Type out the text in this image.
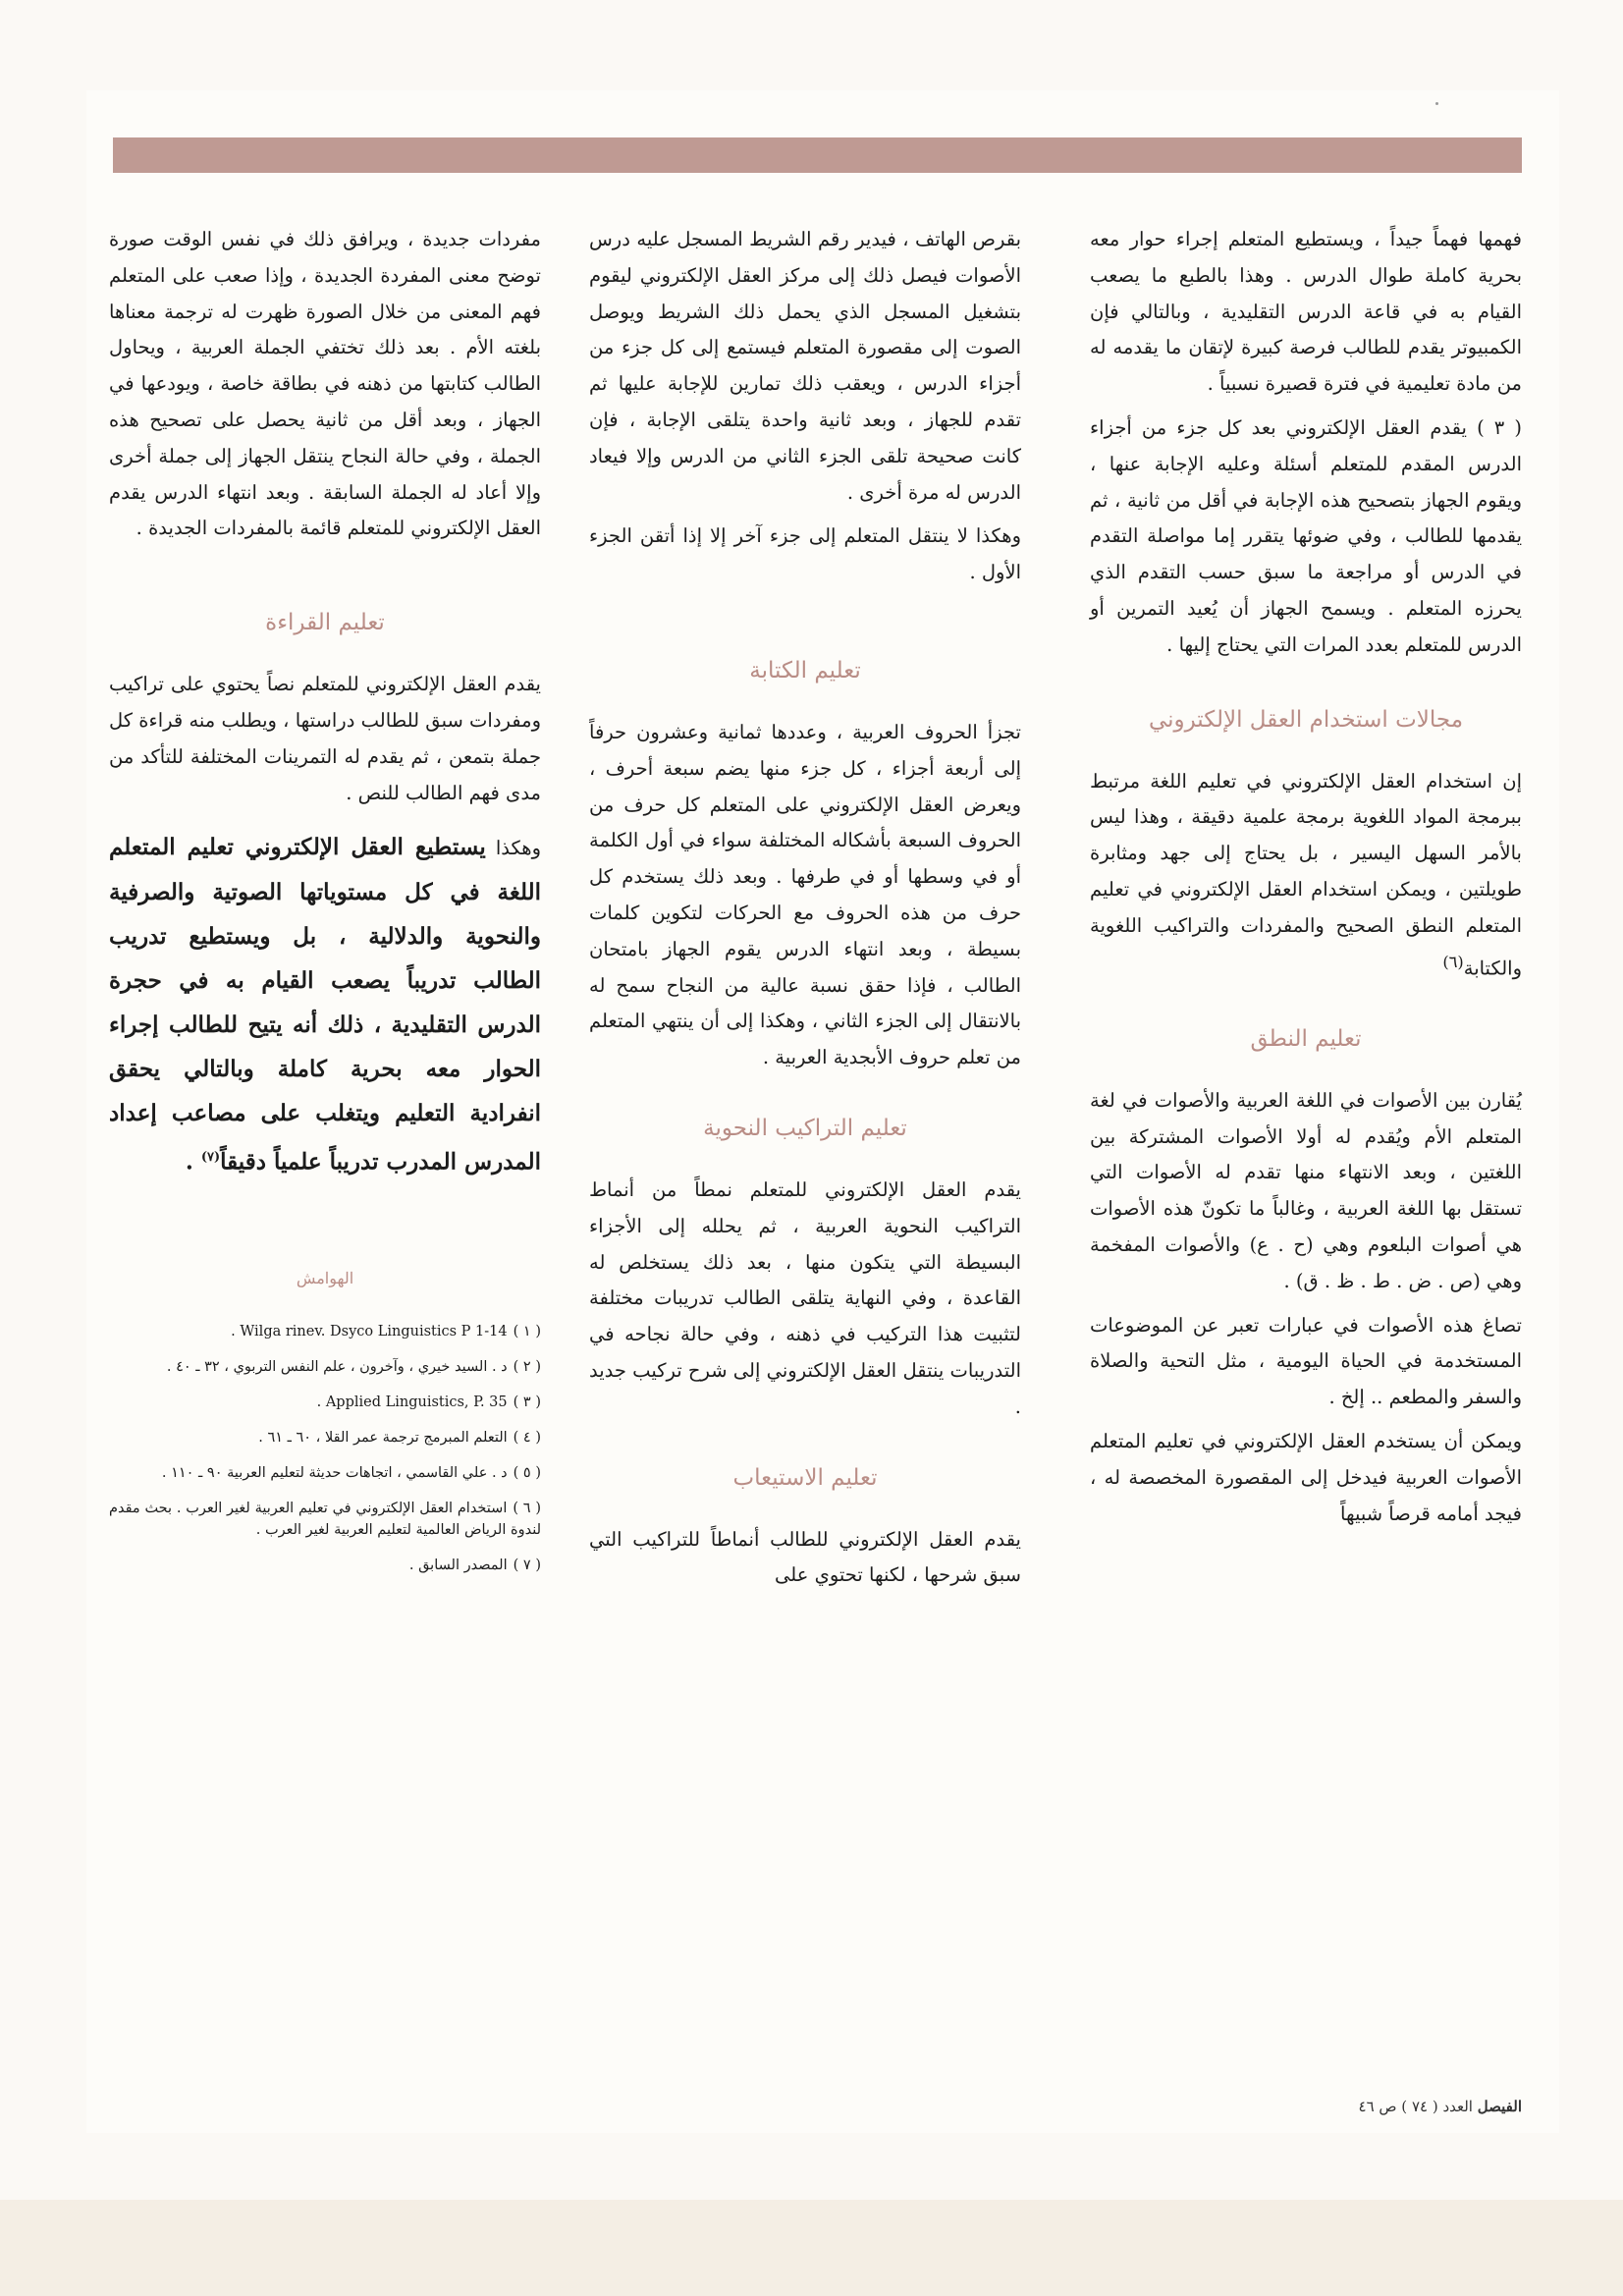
فهمها فهماً جيداً ، ويستطيع المتعلم إجراء حوار معه بحرية كاملة طوال الدرس . وهذا بالطبع ما يصعب القيام به في قاعة الدرس التقليدية ، وبالتالي فإن الكمبيوتر يقدم للطالب فرصة كبيرة لإتقان ما يقدمه له من مادة تعليمية في فترة قصيرة نسبياً .

( ٣ ) يقدم العقل الإلكتروني بعد كل جزء من أجزاء الدرس المقدم للمتعلم أسئلة وعليه الإجابة عنها ، ويقوم الجهاز بتصحيح هذه الإجابة في أقل من ثانية ، ثم يقدمها للطالب ، وفي ضوئها يتقرر إما مواصلة التقدم في الدرس أو مراجعة ما سبق حسب التقدم الذي يحرزه المتعلم . ويسمح الجهاز أن يُعيد التمرين أو الدرس للمتعلم بعدد المرات التي يحتاج إليها .

مجالات استخدام العقل الإلكتروني

إن استخدام العقل الإلكتروني في تعليم اللغة مرتبط ببرمجة المواد اللغوية برمجة علمية دقيقة ، وهذا ليس بالأمر السهل اليسير ، بل يحتاج إلى جهد ومثابرة طويلتين ، ويمكن استخدام العقل الإلكتروني في تعليم المتعلم النطق الصحيح والمفردات والتراكيب اللغوية والكتابة$^{(٦)}$

تعليم النطق

يُقارن بين الأصوات في اللغة العربية والأصوات في لغة المتعلم الأم ويُقدم له أولا الأصوات المشتركة بين اللغتين ، وبعد الانتهاء منها تقدم له الأصوات التي تستقل بها اللغة العربية ، وغالباً ما تكونّ هذه الأصوات هي أصوات البلعوم وهي (ح . ع) والأصوات المفخمة وهي (ص . ض . ط . ظ . ق) .

تصاغ هذه الأصوات في عبارات تعبر عن الموضوعات المستخدمة في الحياة اليومية ، مثل التحية والصلاة والسفر والمطعم .. إلخ .

ويمكن أن يستخدم العقل الإلكتروني في تعليم المتعلم الأصوات العربية فيدخل إلى المقصورة المخصصة له ، فيجد أمامه قرصاً شبيهاً

بقرص الهاتف ، فيدير رقم الشريط المسجل عليه درس الأصوات فيصل ذلك إلى مركز العقل الإلكتروني ليقوم بتشغيل المسجل الذي يحمل ذلك الشريط ويوصل الصوت إلى مقصورة المتعلم فيستمع إلى كل جزء من أجزاء الدرس ، ويعقب ذلك تمارين للإجابة عليها ثم تقدم للجهاز ، وبعد ثانية واحدة يتلقى الإجابة ، فإن كانت صحيحة تلقى الجزء الثاني من الدرس وإلا فيعاد الدرس له مرة أخرى .

وهكذا لا ينتقل المتعلم إلى جزء آخر إلا إذا أتقن الجزء الأول .

تعليم الكتابة

تجزأ الحروف العربية ، وعددها ثمانية وعشرون حرفاً إلى أربعة أجزاء ، كل جزء منها يضم سبعة أحرف ، ويعرض العقل الإلكتروني على المتعلم كل حرف من الحروف السبعة بأشكاله المختلفة سواء في أول الكلمة أو في وسطها أو في طرفها . وبعد ذلك يستخدم كل حرف من هذه الحروف مع الحركات لتكوين كلمات بسيطة ، وبعد انتهاء الدرس يقوم الجهاز بامتحان الطالب ، فإذا حقق نسبة عالية من النجاح سمح له بالانتقال إلى الجزء الثاني ، وهكذا إلى أن ينتهي المتعلم من تعلم حروف الأبجدية العربية .

تعليم التراكيب النحوية

يقدم العقل الإلكتروني للمتعلم نمطاً من أنماط التراكيب النحوية العربية ، ثم يحلله إلى الأجزاء البسيطة التي يتكون منها ، بعد ذلك يستخلص له القاعدة ، وفي النهاية يتلقى الطالب تدريبات مختلفة لتثبيت هذا التركيب في ذهنه ، وفي حالة نجاحه في التدريبات ينتقل العقل الإلكتروني إلى شرح تركيب جديد .

تعليم الاستيعاب

يقدم العقل الإلكتروني للطالب أنماطاً للتراكيب التي سبق شرحها ، لكنها تحتوي على

مفردات جديدة ، ويرافق ذلك في نفس الوقت صورة توضح معنى المفردة الجديدة ، وإذا صعب على المتعلم فهم المعنى من خلال الصورة ظهرت له ترجمة معناها بلغته الأم . بعد ذلك تختفي الجملة العربية ، ويحاول الطالب كتابتها من ذهنه في بطاقة خاصة ، ويودعها في الجهاز ، وبعد أقل من ثانية يحصل على تصحيح هذه الجملة ، وفي حالة النجاح ينتقل الجهاز إلى جملة أخرى وإلا أعاد له الجملة السابقة . وبعد انتهاء الدرس يقدم العقل الإلكتروني للمتعلم قائمة بالمفردات الجديدة .

تعليم القراءة

يقدم العقل الإلكتروني للمتعلم نصاً يحتوي على تراكيب ومفردات سبق للطالب دراستها ، ويطلب منه قراءة كل جملة بتمعن ، ثم يقدم له التمرينات المختلفة للتأكد من مدى فهم الطالب للنص .

وهكذا يستطيع العقل الإلكتروني تعليم المتعلم اللغة في كل مستوياتها الصوتية والصرفية والنحوية والدلالية ، بل ويستطيع تدريب الطالب تدريباً يصعب القيام به في حجرة الدرس التقليدية ، ذلك أنه يتيح للطالب إجراء الحوار معه بحرية كاملة وبالتالي يحقق انفرادية التعليم ويتغلب على مصاعب إعداد المدرس المدرب تدريباً علمياً دقيقاً$^{(٧)}$ .

الهوامش
( ١ )Wilga rinev. Dsyco Linguistics P 1-14 .
( ٢ )د . السيد خيري ، وآخرون ، علم النفس التربوي ، ٣٢ ـ ٤٠ .
( ٣ )Applied Linguistics, P. 35 .
( ٤ )التعلم المبرمج ترجمة عمر القلا ، ٦٠ ـ ٦١ .
( ٥ )د . علي القاسمي ، اتجاهات حديثة لتعليم العربية ٩٠ ـ ١١٠ .
( ٦ )استخدام العقل الإلكتروني في تعليم العربية لغير العرب . بحث مقدم لندوة الرياض العالمية لتعليم العربية لغير العرب .
( ٧ )المصدر السابق .
الفيصل العدد ( ٧٤ ) ص ٤٦
